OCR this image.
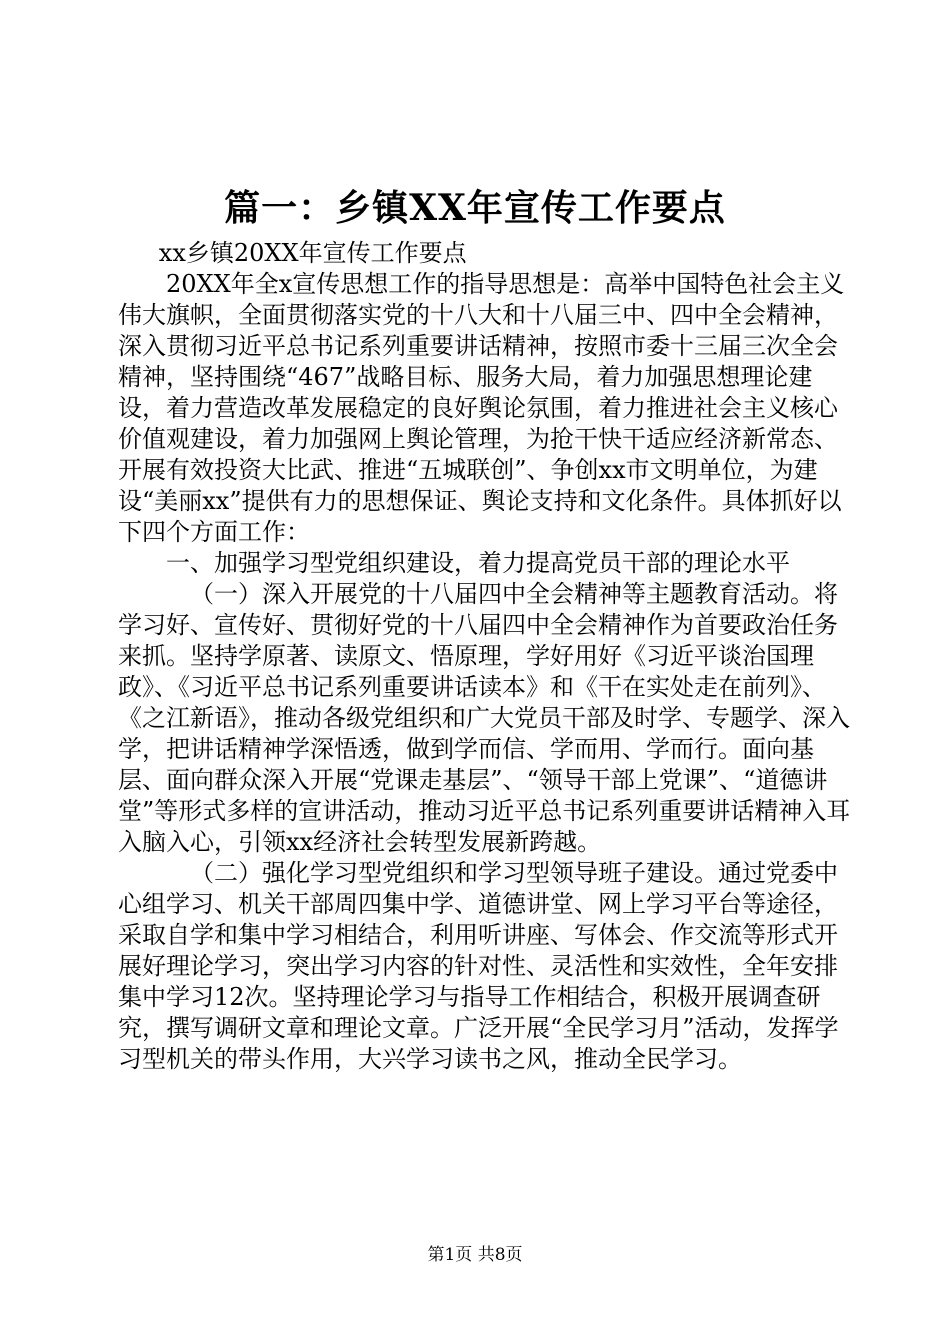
篇一：乡镇XX年宣传工作要点

xx乡镇20XX年宣传工作要点

20XX年全x宣传思想工作的指导思想是：高举中国特色社会主义伟大旗帜，全面贯彻落实党的十八大和十八届三中、四中全会精神，深入贯彻习近平总书记系列重要讲话精神，按照市委十三届三次全会精神，坚持围绕“467”战略目标、服务大局，着力加强思想理论建设，着力营造改革发展稳定的良好舆论氛围，着力推进社会主义核心价值观建设，着力加强网上舆论管理，为抢干快干适应经济新常态、开展有效投资大比武、推进“五城联创”、争创xx市文明单位，为建设“美丽xx”提供有力的思想保证、舆论支持和文化条件。具体抓好以下四个方面工作：

一、加强学习型党组织建设，着力提高党员干部的理论水平

（一）深入开展党的十八届四中全会精神等主题教育活动。将学习好、宣传好、贯彻好党的十八届四中全会精神作为首要政治任务来抓。坚持学原著、读原文、悟原理，学好用好《习近平谈治国理政》、《习近平总书记系列重要讲话读本》和《干在实处走在前列》、《之江新语》，推动各级党组织和广大党员干部及时学、专题学、深入学，把讲话精神学深悟透，做到学而信、学而用、学而行。面向基层、面向群众深入开展“党课走基层”、“领导干部上党课”、“道德讲堂”等形式多样的宣讲活动，推动习近平总书记系列重要讲话精神入耳入脑入心，引领xx经济社会转型发展新跨越。

（二）强化学习型党组织和学习型领导班子建设。通过党委中心组学习、机关干部周四集中学、道德讲堂、网上学习平台等途径，采取自学和集中学习相结合，利用听讲座、写体会、作交流等形式开展好理论学习，突出学习内容的针对性、灵活性和实效性，全年安排集中学习12次。坚持理论学习与指导工作相结合，积极开展调查研究，撰写调研文章和理论文章。广泛开展“全民学习月”活动，发挥学习型机关的带头作用，大兴学习读书之风，推动全民学习。

第1页 共8页
